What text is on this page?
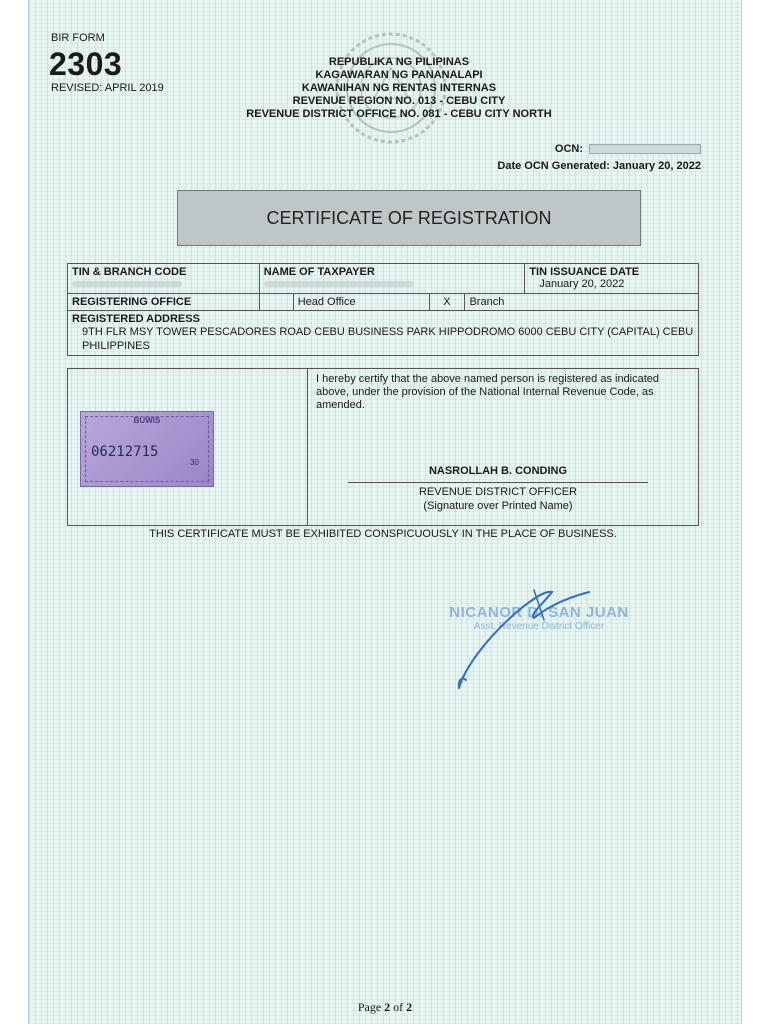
BIR FORM
2303
REVISED: APRIL 2019
REPUBLIKA NG PILIPINAS
KAGAWARAN NG PANANALAPI
KAWANIHAN NG RENTAS INTERNAS
REVENUE REGION NO. 013 - CEBU CITY
REVENUE DISTRICT OFFICE NO. 081 - CEBU CITY NORTH
OCN:
Date OCN Generated: January 20, 2022
CERTIFICATE OF REGISTRATION
TIN & BRANCH CODE	NAME OF TAXPAYER				TIN ISSUANCE DATE
January 20, 2022

REGISTERING OFFICE		Head Office	X	Branch	

REGISTERED ADDRESS
9TH FLR MSY TOWER PESCADORES ROAD CEBU BUSINESS PARK HIPPODROMO 6000 CEBU CITY (CAPITAL) CEBU PHILIPPINES					
BUWIS
06212715
30
I hereby certify that the above named person is registered as indicated above, under the provision of the National Internal Revenue Code, as amended.
NASROLLAH B. CONDING
REVENUE DISTRICT OFFICER
(Signature over Printed Name)
THIS CERTIFICATE MUST BE EXHIBITED CONSPICUOUSLY IN THE PLACE OF BUSINESS.
NICANOR D. SAN JUAN
Asst. Revenue District Officer
Page 2 of 2
